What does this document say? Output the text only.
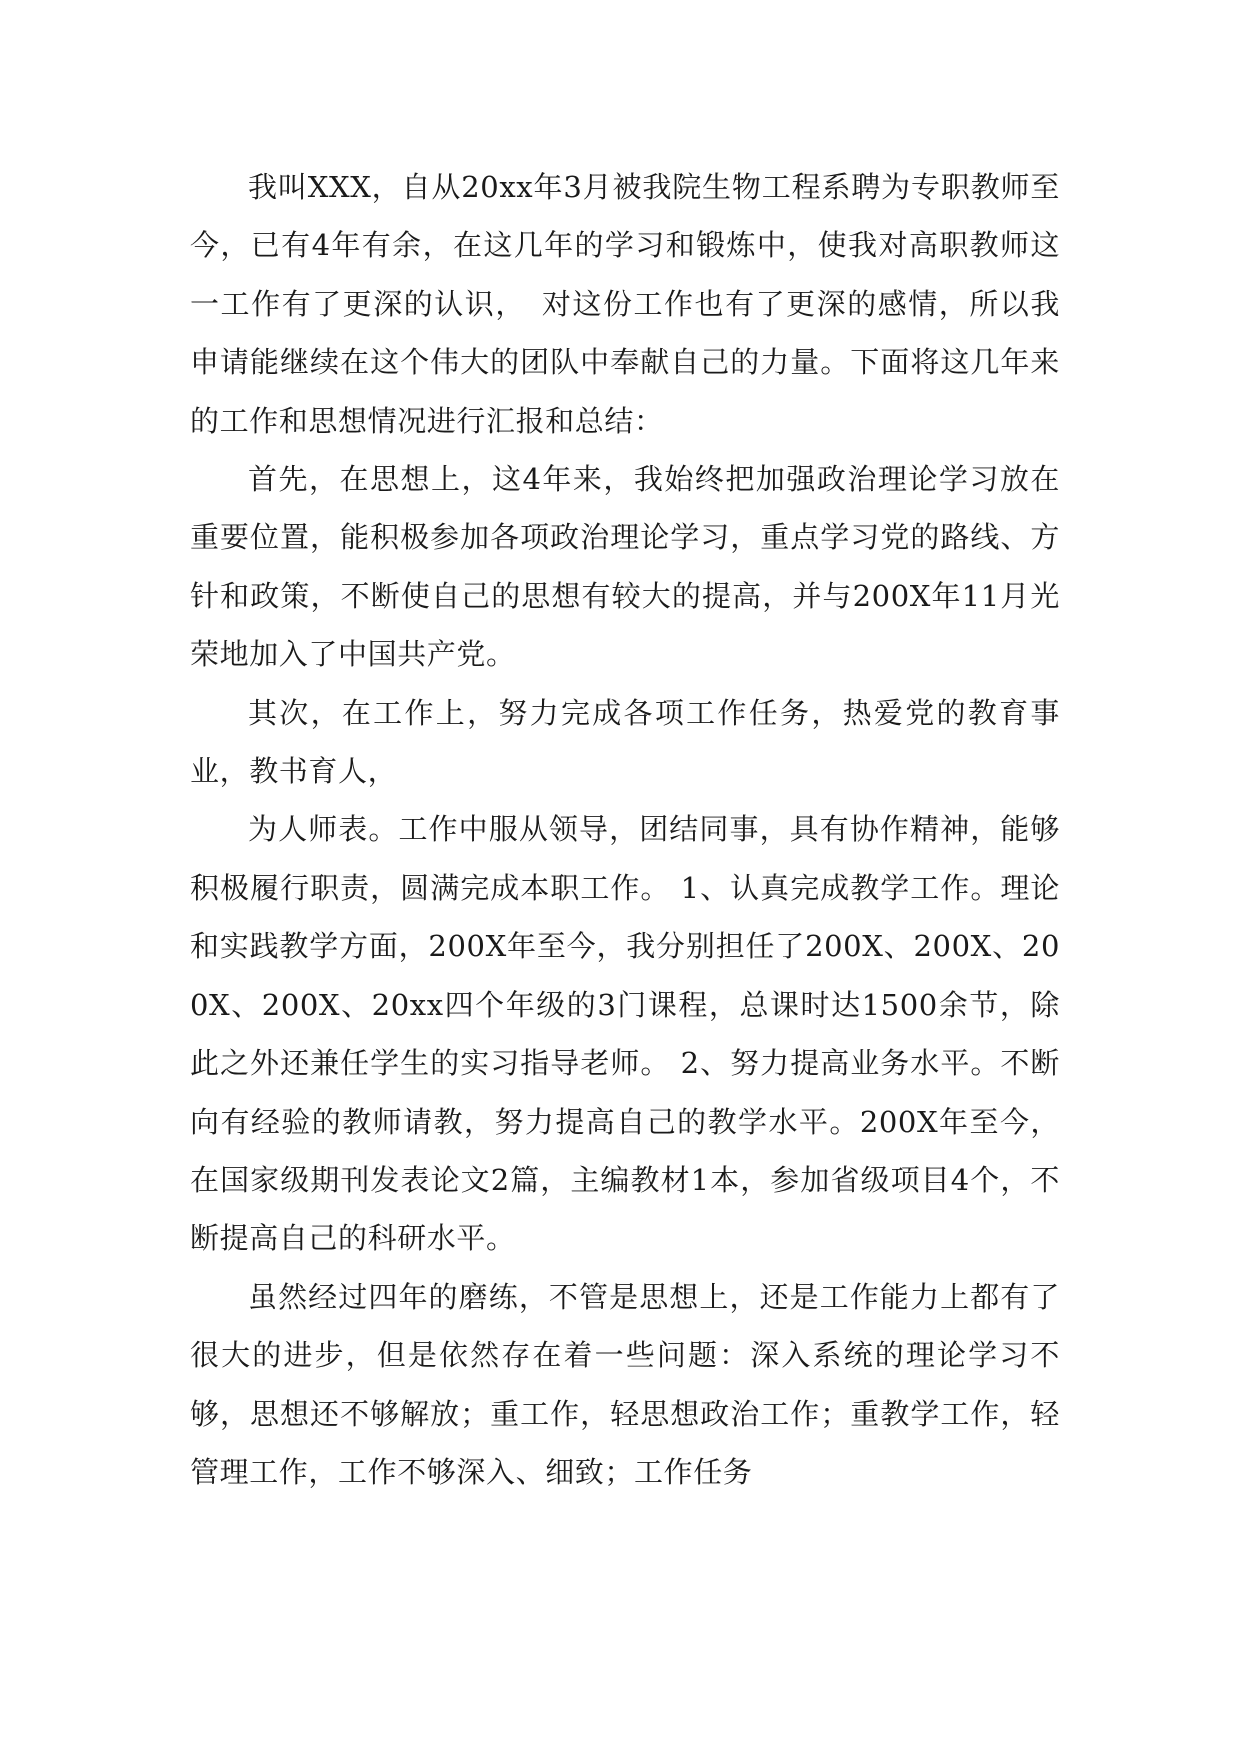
我叫XXX，自从20xx年3月被我院生物工程系聘为专职教师至今，已有4年有余，在这几年的学习和锻炼中，使我对高职教师这一工作有了更深的认识，　对这份工作也有了更深的感情，所以我申请能继续在这个伟大的团队中奉献自己的力量。下面将这几年来的工作和思想情况进行汇报和总结：

首先，在思想上，这4年来，我始终把加强政治理论学习放在重要位置，能积极参加各项政治理论学习，重点学习党的路线、方针和政策，不断使自己的思想有较大的提高，并与200X年11月光荣地加入了中国共产党。

其次，在工作上，努力完成各项工作任务，热爱党的教育事业，教书育人，

为人师表。工作中服从领导，团结同事，具有协作精神，能够积极履行职责，圆满完成本职工作。 1、认真完成教学工作。理论和实践教学方面，200X年至今，我分别担任了200X、200X、200X、200X、20xx四个年级的3门课程，总课时达1500余节，除此之外还兼任学生的实习指导老师。 2、努力提高业务水平。不断向有经验的教师请教，努力提高自己的教学水平。200X年至今，在国家级期刊发表论文2篇，主编教材1本，参加省级项目4个，不断提高自己的科研水平。

虽然经过四年的磨练，不管是思想上，还是工作能力上都有了很大的进步，但是依然存在着一些问题：深入系统的理论学习不够，思想还不够解放；重工作，轻思想政治工作；重教学工作，轻管理工作，工作不够深入、细致；工作任务
